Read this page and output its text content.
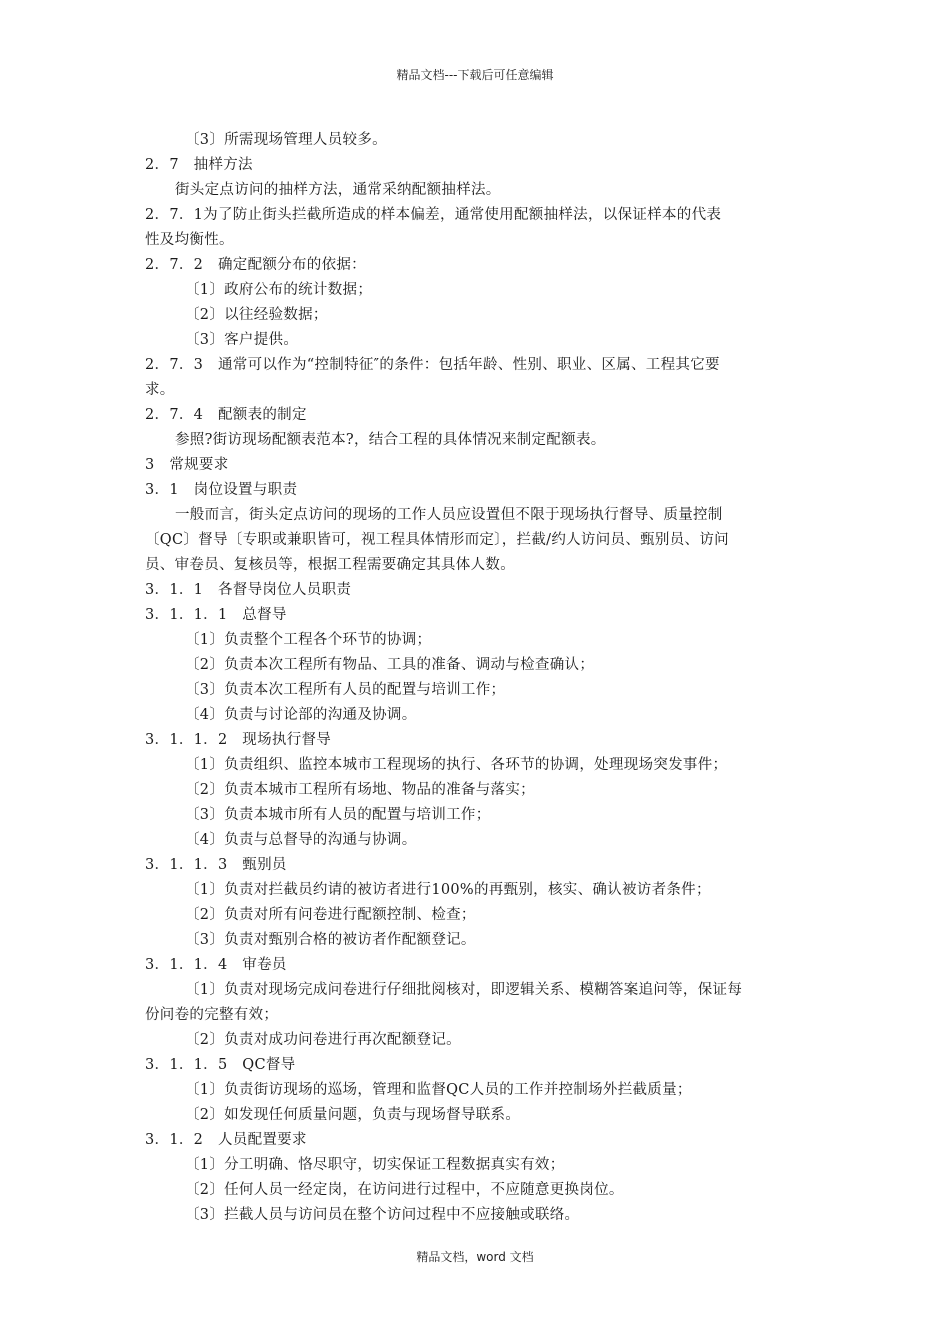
精品文档---下载后可任意编辑
〔3〕所需现场管理人员较多。
2．7　抽样方法
街头定点访问的抽样方法，通常采纳配额抽样法。
2．7．1为了防止街头拦截所造成的样本偏差，通常使用配额抽样法，以保证样本的代表
性及均衡性。
2．7．2　确定配额分布的依据：
〔1〕政府公布的统计数据；
〔2〕以往经验数据；
〔3〕客户提供。
2．7．3　通常可以作为“控制特征″的条件：包括年龄、性别、职业、区属、工程其它要
求。
2．7．4　配额表的制定
参照?街访现场配额表范本?，结合工程的具体情况来制定配额表。
3　常规要求
3．1　岗位设置与职责
一般而言，街头定点访问的现场的工作人员应设置但不限于现场执行督导、质量控制
〔QC〕督导〔专职或兼职皆可，视工程具体情形而定〕，拦截/约人访问员、甄别员、访问
员、审卷员、复核员等，根据工程需要确定其具体人数。
3．1．1　各督导岗位人员职责
3．1．1．1　总督导
〔1〕负责整个工程各个环节的协调；
〔2〕负责本次工程所有物品、工具的准备、调动与检查确认；
〔3〕负责本次工程所有人员的配置与培训工作；
〔4〕负责与讨论部的沟通及协调。
3．1．1．2　现场执行督导
〔1〕负责组织、监控本城市工程现场的执行、各环节的协调，处理现场突发事件；
〔2〕负责本城市工程所有场地、物品的准备与落实；
〔3〕负责本城市所有人员的配置与培训工作；
〔4〕负责与总督导的沟通与协调。
3．1．1．3　甄别员
〔1〕负责对拦截员约请的被访者进行100%的再甄别，核实、确认被访者条件；
〔2〕负责对所有问卷进行配额控制、检查；
〔3〕负责对甄别合格的被访者作配额登记。
3．1．1．4　审卷员
〔1〕负责对现场完成问卷进行仔细批阅核对，即逻辑关系、模糊答案追问等，保证每
份问卷的完整有效；
〔2〕负责对成功问卷进行再次配额登记。
3．1．1．5　QC督导
〔1〕负责街访现场的巡场，管理和监督QC人员的工作并控制场外拦截质量；
〔2〕如发现任何质量问题，负责与现场督导联系。
3．1．2　人员配置要求
〔1〕分工明确、恪尽职守，切实保证工程数据真实有效；
〔2〕任何人员一经定岗，在访问进行过程中，不应随意更换岗位。
〔3〕拦截人员与访问员在整个访问过程中不应接触或联络。
精品文档，word 文档
